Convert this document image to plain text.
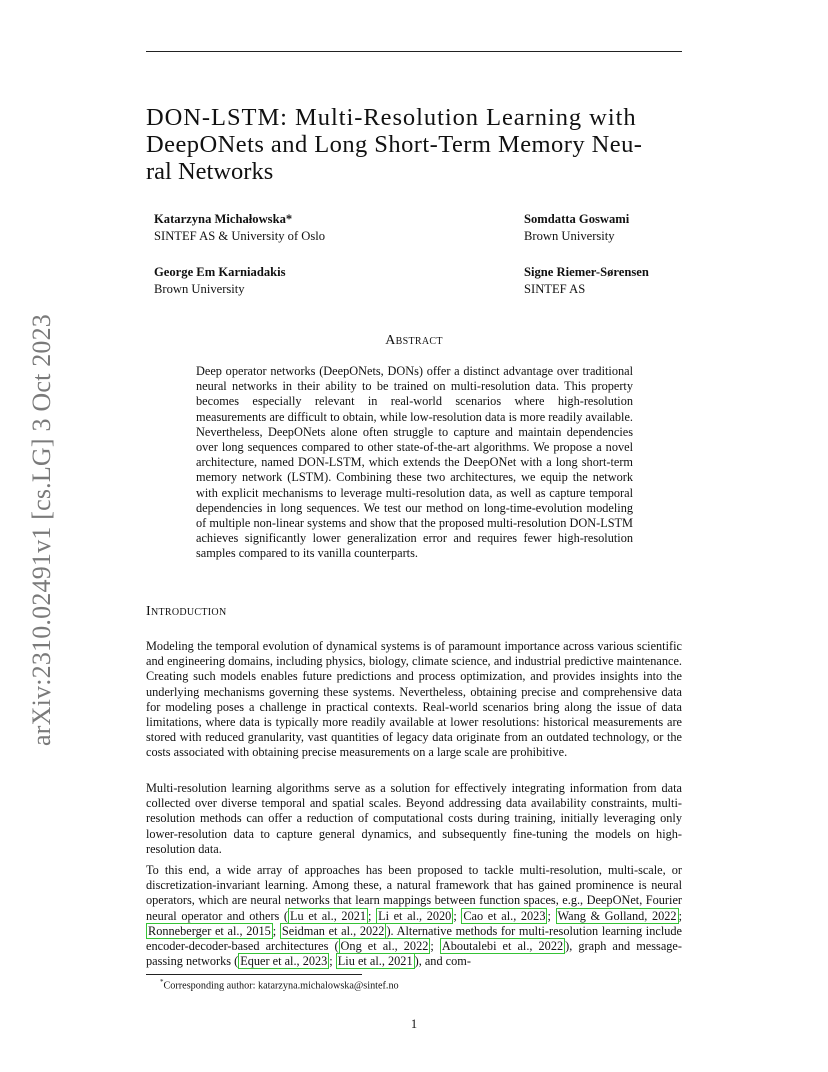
arXiv:2310.02491v1 [cs.LG] 3 Oct 2023
DON-LSTM: Multi-Resolution Learning with
DeepONets and Long Short-Term Memory Neu-
ral Networks
Katarzyna Michałowska*
SINTEF AS & University of Oslo
Somdatta Goswami
Brown University
George Em Karniadakis
Brown University
Signe Riemer-Sørensen
SINTEF AS
Abstract

Deep operator networks (DeepONets, DONs) offer a distinct advantage over traditional neural networks in their ability to be trained on multi-resolution data. This property becomes especially relevant in real-world scenarios where high-resolution measurements are difficult to obtain, while low-resolution data is more readily available. Nevertheless, DeepONets alone often struggle to capture and maintain dependencies over long sequences compared to other state-of-the-art algorithms. We propose a novel architecture, named DON-LSTM, which extends the DeepONet with a long short-term memory network (LSTM). Combining these two architectures, we equip the network with explicit mechanisms to leverage multi-resolution data, as well as capture temporal dependencies in long sequences. We test our method on long-time-evolution modeling of multiple non-linear systems and show that the proposed multi-resolution DON-LSTM achieves significantly lower generalization error and requires fewer high-resolution samples compared to its vanilla counterparts.

Introduction

Modeling the temporal evolution of dynamical systems is of paramount importance across various scientific and engineering domains, including physics, biology, climate science, and industrial predictive maintenance. Creating such models enables future predictions and process optimization, and provides insights into the underlying mechanisms governing these systems. Nevertheless, obtaining precise and comprehensive data for modeling poses a challenge in practical contexts. Real-world scenarios bring along the issue of data limitations, where data is typically more readily available at lower resolutions: historical measurements are stored with reduced granularity, vast quantities of legacy data originate from an outdated technology, or the costs associated with obtaining precise measurements on a large scale are prohibitive.

Multi-resolution learning algorithms serve as a solution for effectively integrating information from data collected over diverse temporal and spatial scales. Beyond addressing data availability constraints, multi-resolution methods can offer a reduction of computational costs during training, initially leveraging only lower-resolution data to capture general dynamics, and subsequently fine-tuning the models on high-resolution data.

To this end, a wide array of approaches has been proposed to tackle multi-resolution, multi-scale, or discretization-invariant learning. Among these, a natural framework that has gained prominence is neural operators, which are neural networks that learn mappings between function spaces, e.g., DeepONet, Fourier neural operator and others ( Lu et al., 2021 ; Li et al., 2020 ; Cao et al., 2023 ; Wang & Golland, 2022 ; Ronneberger et al., 2015 ; Seidman et al., 2022 ). Alternative methods for multi-resolution learning include encoder-decoder-based architectures ( Ong et al., 2022 ; Aboutalebi et al., 2022 ), graph and message-passing networks ( Equer et al., 2023 ; Liu et al., 2021 ), and com-

*Corresponding author: katarzyna.michalowska@sintef.no
1
